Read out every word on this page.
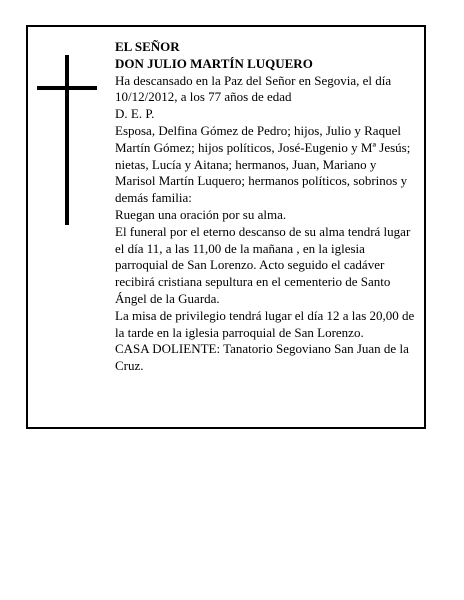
EL SEÑOR

DON JULIO MARTÍN LUQUERO

Ha descansado en la Paz del Señor en Segovia, el día 10/12/2012, a los 77 años de edad

D. E. P.

Esposa, Delfina Gómez de Pedro; hijos, Julio y Raquel Martín Gómez; hijos políticos, José-Eugenio y Mª Jesús; nietas, Lucía y Aitana; hermanos, Juan, Mariano y Marisol Martín Luquero; hermanos políticos, sobrinos y demás familia:

Ruegan una oración por su alma.

El funeral por el eterno descanso de su alma tendrá lugar el día 11, a las 11,00 de la mañana , en la iglesia parroquial de San Lorenzo. Acto seguido el cadáver recibirá cristiana sepultura en el cementerio de Santo Ángel de la Guarda.

La misa de privilegio tendrá lugar el día 12 a las 20,00 de la tarde en la iglesia parroquial de San Lorenzo.

CASA DOLIENTE: Tanatorio Segoviano San Juan de la Cruz.
